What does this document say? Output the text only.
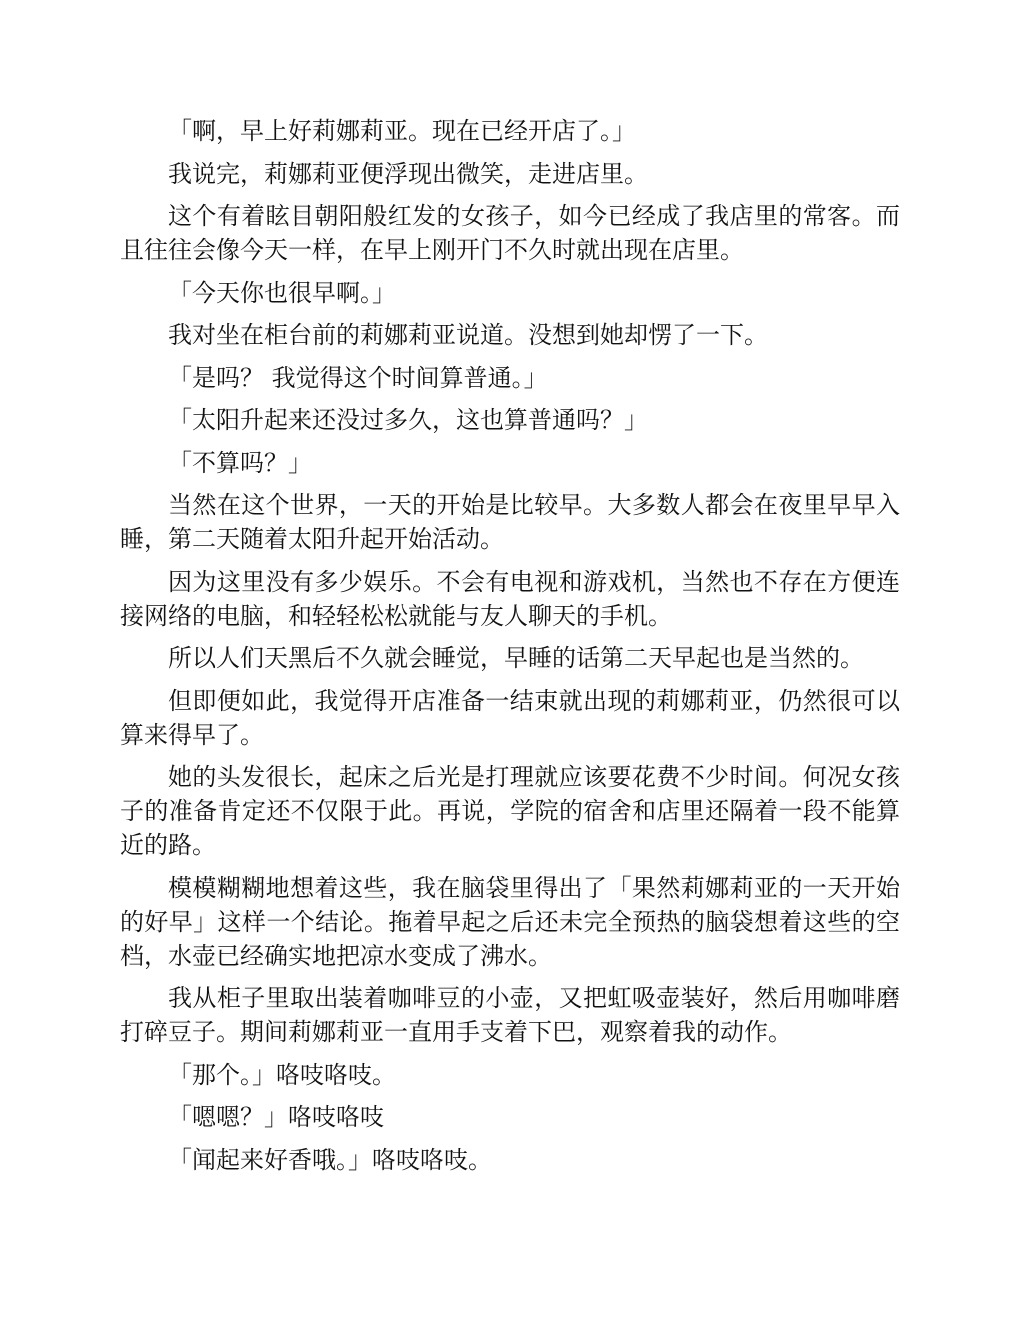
「啊，早上好莉娜莉亚。现在已经开店了。」

我说完，莉娜莉亚便浮现出微笑，走进店里。

这个有着眩目朝阳般红发的女孩子，如今已经成了我店里的常客。而且往往会像今天一样，在早上刚开门不久时就出现在店里。

「今天你也很早啊。」

我对坐在柜台前的莉娜莉亚说道。没想到她却愣了一下。

「是吗？ 我觉得这个时间算普通。」

「太阳升起来还没过多久，这也算普通吗？」

「不算吗？」

当然在这个世界，一天的开始是比较早。大多数人都会在夜里早早入睡，第二天随着太阳升起开始活动。

因为这里没有多少娱乐。不会有电视和游戏机，当然也不存在方便连接网络的电脑，和轻轻松松就能与友人聊天的手机。

所以人们天黑后不久就会睡觉，早睡的话第二天早起也是当然的。

但即便如此，我觉得开店准备一结束就出现的莉娜莉亚，仍然很可以算来得早了。

她的头发很长，起床之后光是打理就应该要花费不少时间。何况女孩子的准备肯定还不仅限于此。再说，学院的宿舍和店里还隔着一段不能算近的路。

模模糊糊地想着这些，我在脑袋里得出了「果然莉娜莉亚的一天开始的好早」这样一个结论。拖着早起之后还未完全预热的脑袋想着这些的空档，水壶已经确实地把凉水变成了沸水。

我从柜子里取出装着咖啡豆的小壶，又把虹吸壶装好，然后用咖啡磨打碎豆子。期间莉娜莉亚一直用手支着下巴，观察着我的动作。

「那个。」咯吱咯吱。

「嗯嗯？」咯吱咯吱

「闻起来好香哦。」咯吱咯吱。
